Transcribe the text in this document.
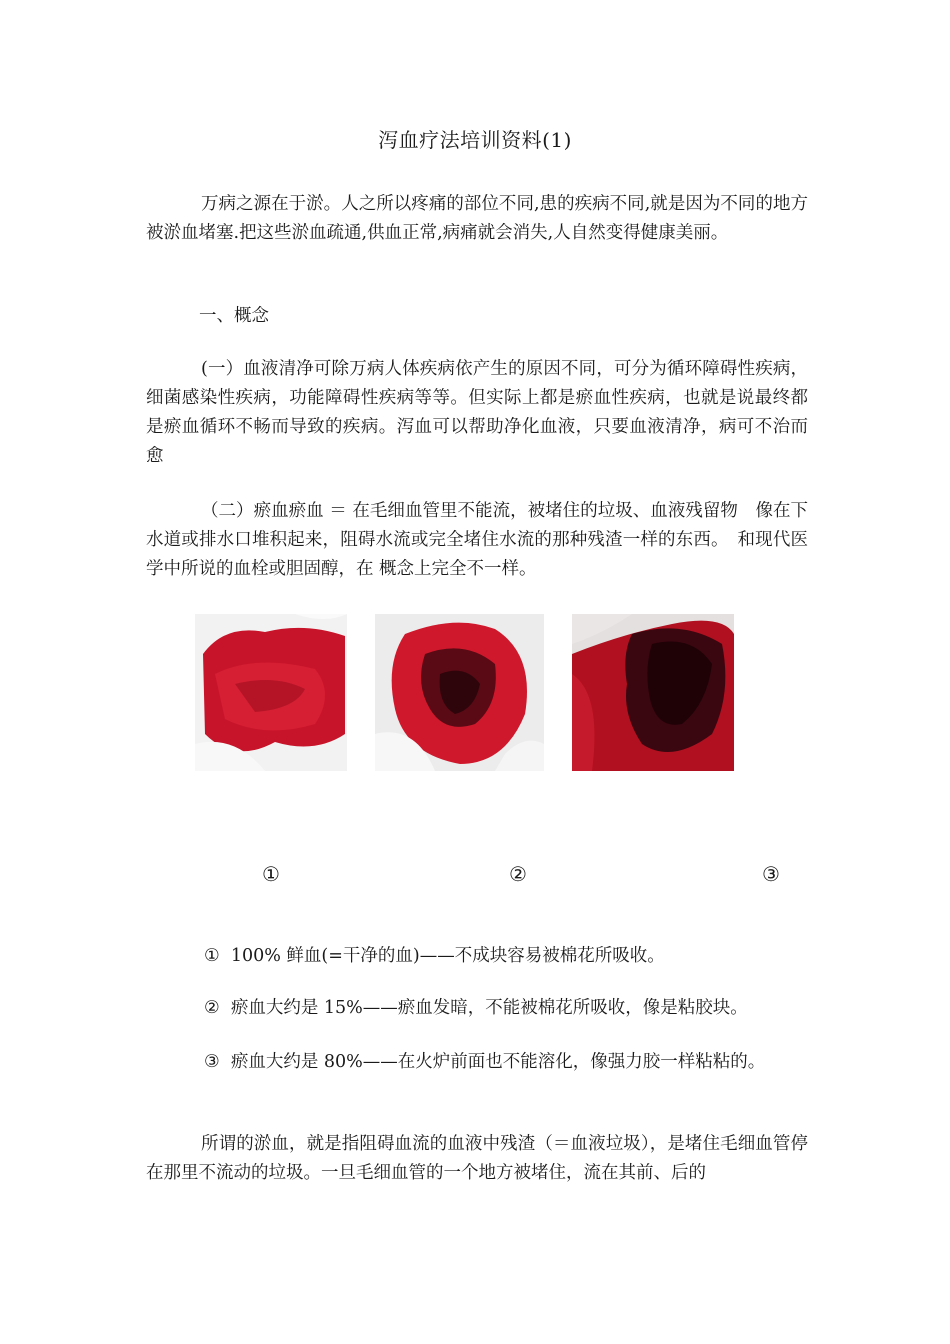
泻血疗法培训资料(1)

万病之源在于淤。人之所以疼痛的部位不同,患的疾病不同,就是因为不同的地方被淤血堵塞.把这些淤血疏通,供血正常,病痛就会消失,人自然变得健康美丽。

一、概念

(一）血液清净可除万病人体疾病依产生的原因不同，可分为循环障碍性疾病，细菌感染性疾病，功能障碍性疾病等等。但实际上都是瘀血性疾病，也就是说最终都是瘀血循环不畅而导致的疾病。泻血可以帮助净化血液，只要血液清净，病可不治而愈

（二）瘀血瘀血 ＝ 在毛细血管里不能流，被堵住的垃圾、血液残留物　像在下水道或排水口堆积起来，阻碍水流或完全堵住水流的那种残渣一样的东西。　和现代医学中所说的血栓或胆固醇，在 概念上完全不一样。

①	②	③

① 100% 鲜血(=干净的血)——不成块容易被棉花所吸收。

② 瘀血大约是 15%——瘀血发暗，不能被棉花所吸收，像是粘胶块。

③ 瘀血大约是 80%——在火炉前面也不能溶化，像强力胶一样粘粘的。

所谓的淤血，就是指阻碍血流的血液中残渣（＝血液垃圾），是堵住毛细血管停在那里不流动的垃圾。一旦毛细血管的一个地方被堵住，流在其前、后的
